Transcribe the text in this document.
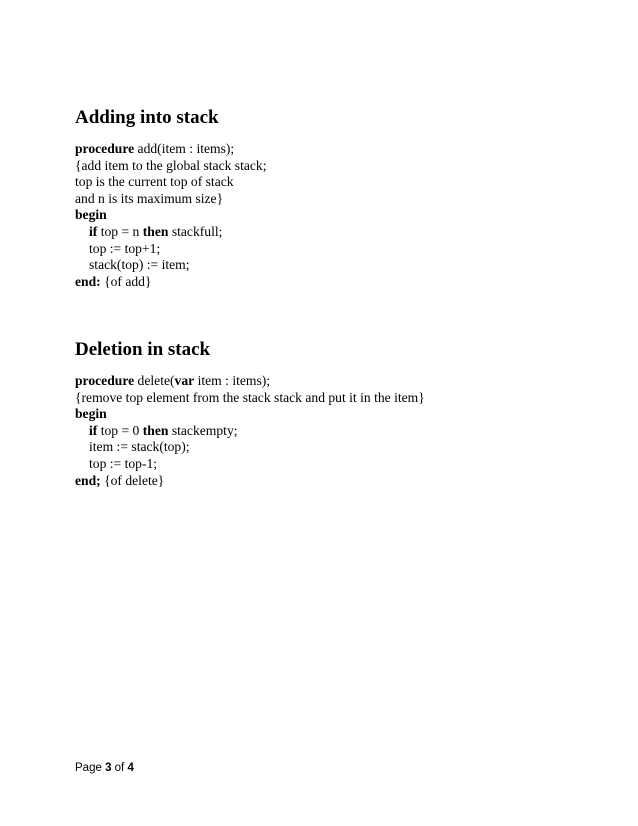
Adding into stack
procedure add(item : items);
{add item to the global stack stack;
top is the current top of stack
and n is its maximum size}
begin
if top = n then stackfull;
top := top+1;
stack(top) := item;
end: {of add}
Deletion in stack
procedure delete(var item : items);
{remove top element from the stack stack and put it in the item}
begin
if top = 0 then stackempty;
item := stack(top);
top := top-1;
end; {of delete}
Page 3 of 4
